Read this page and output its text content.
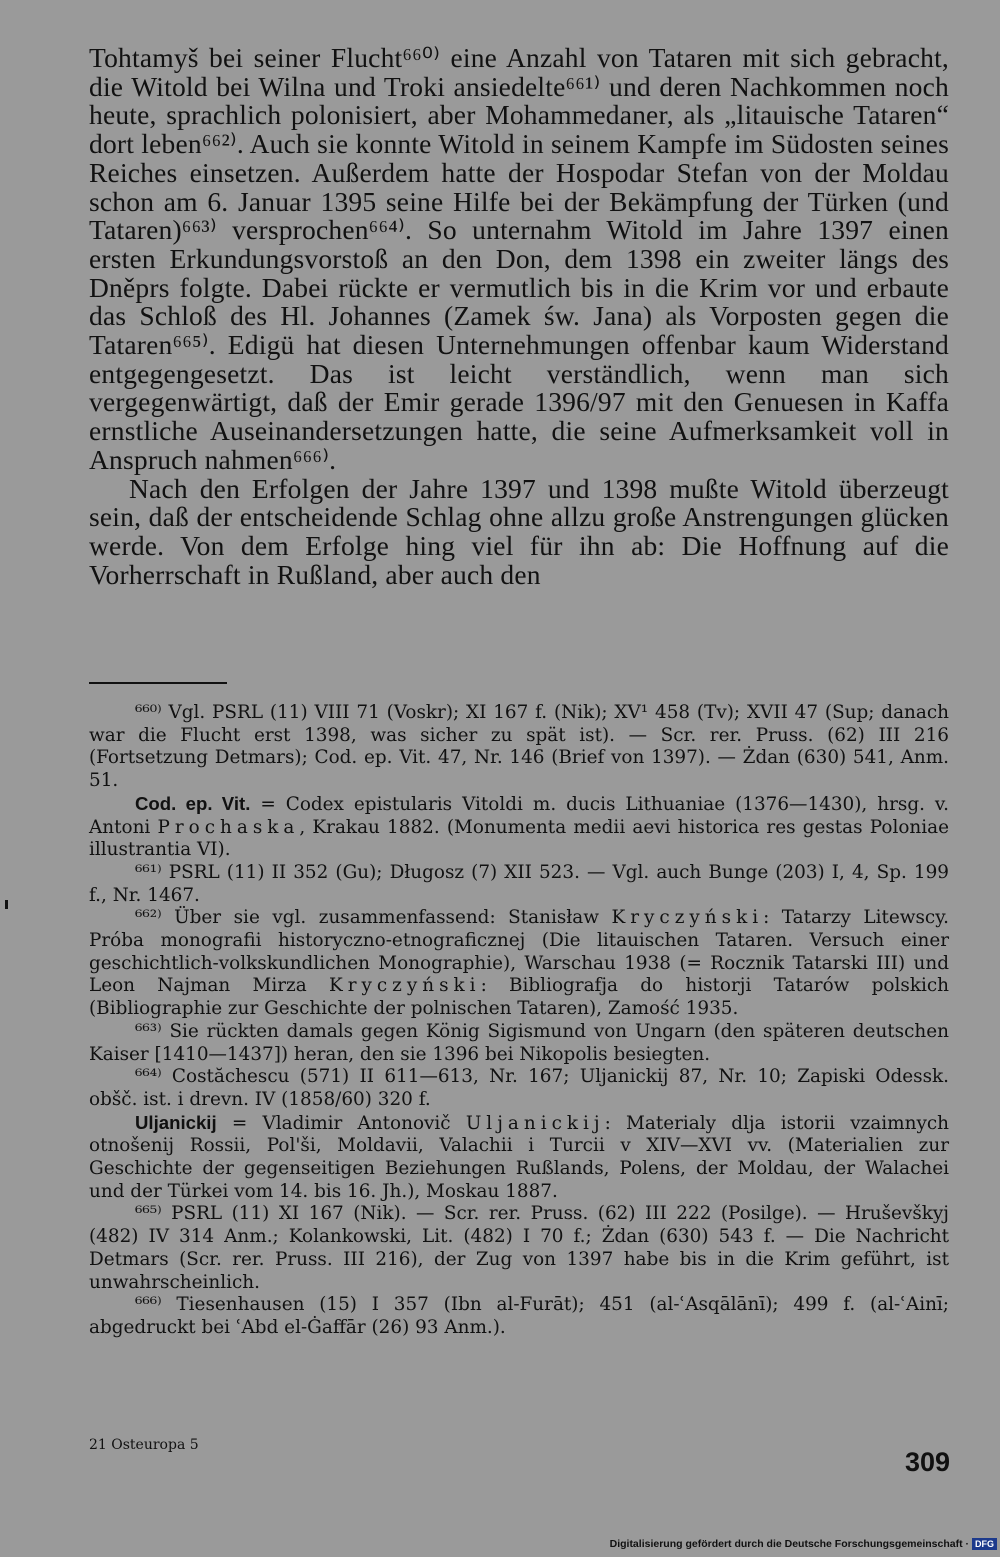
Tohtamyš bei seiner Flucht⁶⁶⁰⁾ eine Anzahl von Tataren mit sich gebracht, die Witold bei Wilna und Troki ansiedelte⁶⁶¹⁾ und deren Nachkommen noch heute, sprachlich polonisiert, aber Mohammedaner, als „litauische Tataren“ dort leben⁶⁶²⁾. Auch sie konnte Witold in seinem Kampfe im Südosten seines Reiches einsetzen. Außerdem hatte der Hospodar Stefan von der Moldau schon am 6. Januar 1395 seine Hilfe bei der Bekämpfung der Türken (und Tataren)⁶⁶³⁾ versprochen⁶⁶⁴⁾. So unternahm Witold im Jahre 1397 einen ersten Erkundungsvorstoß an den Don, dem 1398 ein zweiter längs des Dněprs folgte. Dabei rückte er vermutlich bis in die Krim vor und erbaute das Schloß des Hl. Johannes (Zamek św. Jana) als Vorposten gegen die Tataren⁶⁶⁵⁾. Edigü hat diesen Unternehmungen offenbar kaum Widerstand entgegengesetzt. Das ist leicht verständlich, wenn man sich vergegenwärtigt, daß der Emir gerade 1396/97 mit den Genuesen in Kaffa ernstliche Auseinandersetzungen hatte, die seine Aufmerksamkeit voll in Anspruch nahmen⁶⁶⁶⁾.

Nach den Erfolgen der Jahre 1397 und 1398 mußte Witold überzeugt sein, daß der entscheidende Schlag ohne allzu große Anstrengungen glücken werde. Von dem Erfolge hing viel für ihn ab: Die Hoffnung auf die Vorherrschaft in Rußland, aber auch den

⁶⁶⁰⁾ Vgl. PSRL (11) VIII 71 (Voskr); XI 167 f. (Nik); XV¹ 458 (Tv); XVII 47 (Sup; danach war die Flucht erst 1398, was sicher zu spät ist). — Scr. rer. Pruss. (62) III 216 (Fortsetzung Detmars); Cod. ep. Vit. 47, Nr. 146 (Brief von 1397). — Żdan (630) 541, Anm. 51.

Cod. ep. Vit. = Codex epistularis Vitoldi m. ducis Lithuaniae (1376—1430), hrsg. v. Antoni Prochaska, Krakau 1882. (Monumenta medii aevi historica res gestas Poloniae illustrantia VI).

⁶⁶¹⁾ PSRL (11) II 352 (Gu); Długosz (7) XII 523. — Vgl. auch Bunge (203) I, 4, Sp. 199 f., Nr. 1467.

⁶⁶²⁾ Über sie vgl. zusammenfassend: Stanisław Kryczyński: Tatarzy Litewscy. Próba monografii historyczno-etnograficznej (Die litauischen Tataren. Versuch einer geschichtlich-volkskundlichen Monographie), Warschau 1938 (= Rocznik Tatarski III) und Leon Najman Mirza Kryczyński: Bibliografja do historji Tatarów polskich (Bibliographie zur Geschichte der polnischen Tataren), Zamość 1935.

⁶⁶³⁾ Sie rückten damals gegen König Sigismund von Ungarn (den späteren deutschen Kaiser [1410—1437]) heran, den sie 1396 bei Nikopolis besiegten.

⁶⁶⁴⁾ Costăchescu (571) II 611—613, Nr. 167; Uljanickij 87, Nr. 10; Zapiski Odessk. obšč. ist. i drevn. IV (1858/60) 320 f.

Uljanickij = Vladimir Antonovič Uljanickij: Materialy dlja istorii vzaimnych otnošenij Rossii, Pol'ši, Moldavii, Valachii i Turcii v XIV—XVI vv. (Materialien zur Geschichte der gegenseitigen Beziehungen Rußlands, Polens, der Moldau, der Walachei und der Türkei vom 14. bis 16. Jh.), Moskau 1887.

⁶⁶⁵⁾ PSRL (11) XI 167 (Nik). — Scr. rer. Pruss. (62) III 222 (Posilge). — Hruševškyj (482) IV 314 Anm.; Kolankowski, Lit. (482) I 70 f.; Żdan (630) 543 f. — Die Nachricht Detmars (Scr. rer. Pruss. III 216), der Zug von 1397 habe bis in die Krim geführt, ist unwahrscheinlich.

⁶⁶⁶⁾ Tiesenhausen (15) I 357 (Ibn al-Furāt); 451 (al-ʿAsqālānī); 499 f. (al-ʿAinī; abgedruckt bei ʿAbd el-Ġaffār (26) 93 Anm.).

21 Osteuropa 5
309
Digitalisierung gefördert durch die Deutsche Forschungsgemeinschaft · DFG
